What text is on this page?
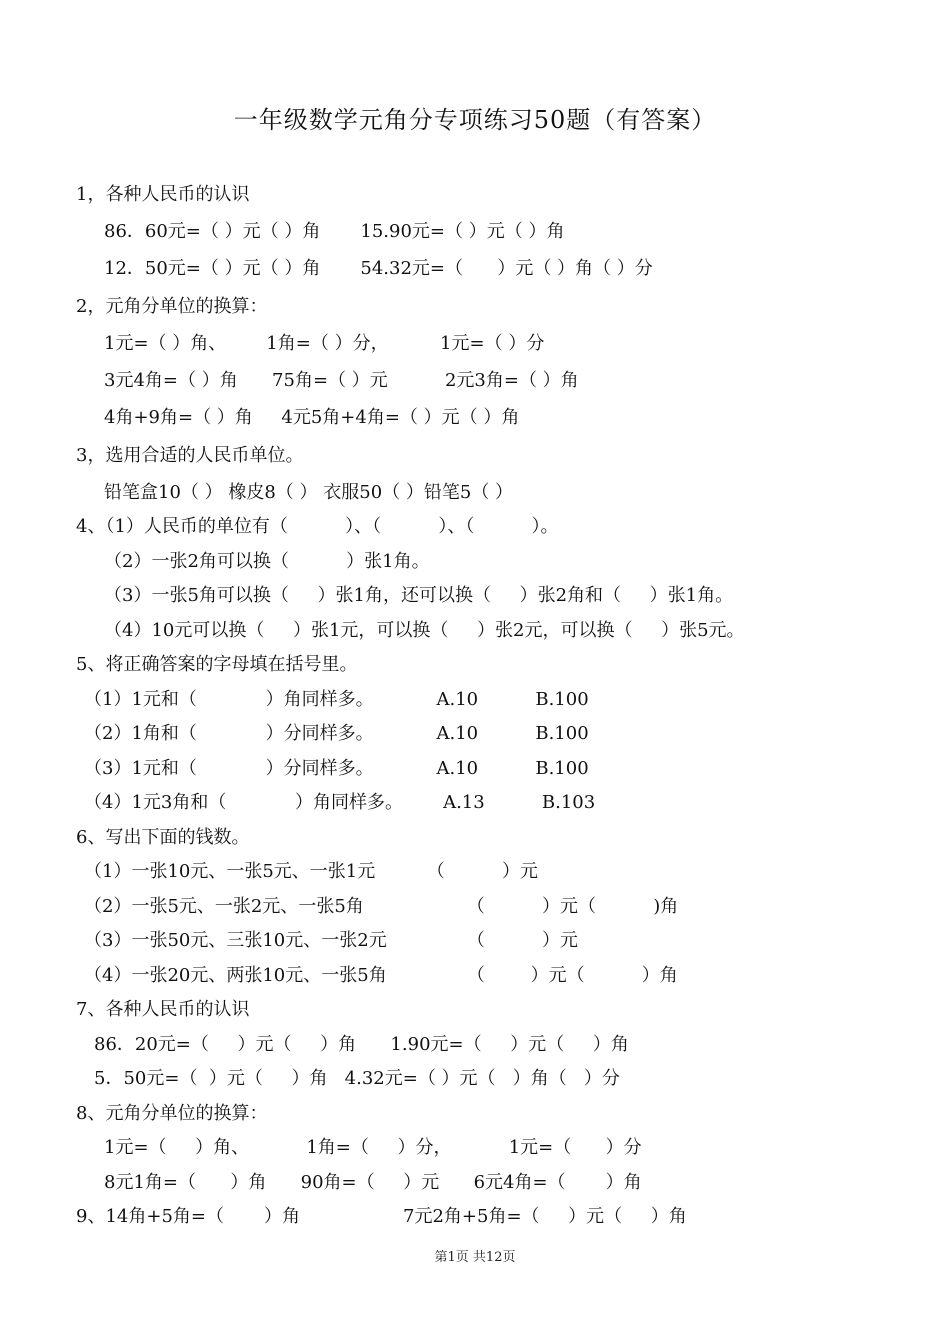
一年级数学元角分专项练习50题（有答案）
1，各种人民币的认识
86．60元=（ ）元（ ）角       15.90元=（ ）元（ ）角
12．50元=（ ）元（ ）角       54.32元=（      ）元（ ）角（ ）分
2，元角分单位的换算：
1元=（ ）角、       1角=（ ）分，         1元=（ ）分
3元4角=（ ）角      75角=（ ）元          2元3角=（ ）角
4角+9角=（ ）角     4元5角+4角=（ ）元（ ）角
3，选用合适的人民币单位。
铅笔盒10（ ） 橡皮8（ ） 衣服50（ ）铅笔5（ ）
4、（1）人民币的单位有（          ）、（          ）、（          ）。
（2）一张2角可以换（          ）张1角。
（3）一张5角可以换（     ）张1角，还可以换（     ）张2角和（     ）张1角。
（4）10元可以换（     ）张1元，可以换（     ）张2元，可以换（     ）张5元。
5、将正确答案的字母填在括号里。
（1）1元和（            ）角同样多。           A.10          B.100
（2）1角和（            ）分同样多。           A.10          B.100
（3）1元和（            ）分同样多。           A.10          B.100
（4）1元3角和（            ）角同样多。       A.13          B.103
6、写出下面的钱数。
（1）一张10元、一张5元、一张1元         （          ）元
（2）一张5元、一张2元、一张5角                  （          ）元（          )角
（3）一张50元、三张10元、一张2元              （          ）元
（4）一张20元、两张10元、一张5角              （        ）元（          ）角
7、各种人民币的认识
86．20元=（     ）元（     ）角      1.90元=（     ）元（     ）角
5．50元=（  ）元（     ）角   4.32元=（ ）元（   ）角（   ）分
8、元角分单位的换算：
1元=（     ）角、          1角=（     ）分，          1元=（      ）分
8元1角=（      ）角      90角=（     ）元      6元4角=（       ）角
9、14角+5角=（       ）角                  7元2角+5角=（     ）元（     ）角
第1页 共12页
